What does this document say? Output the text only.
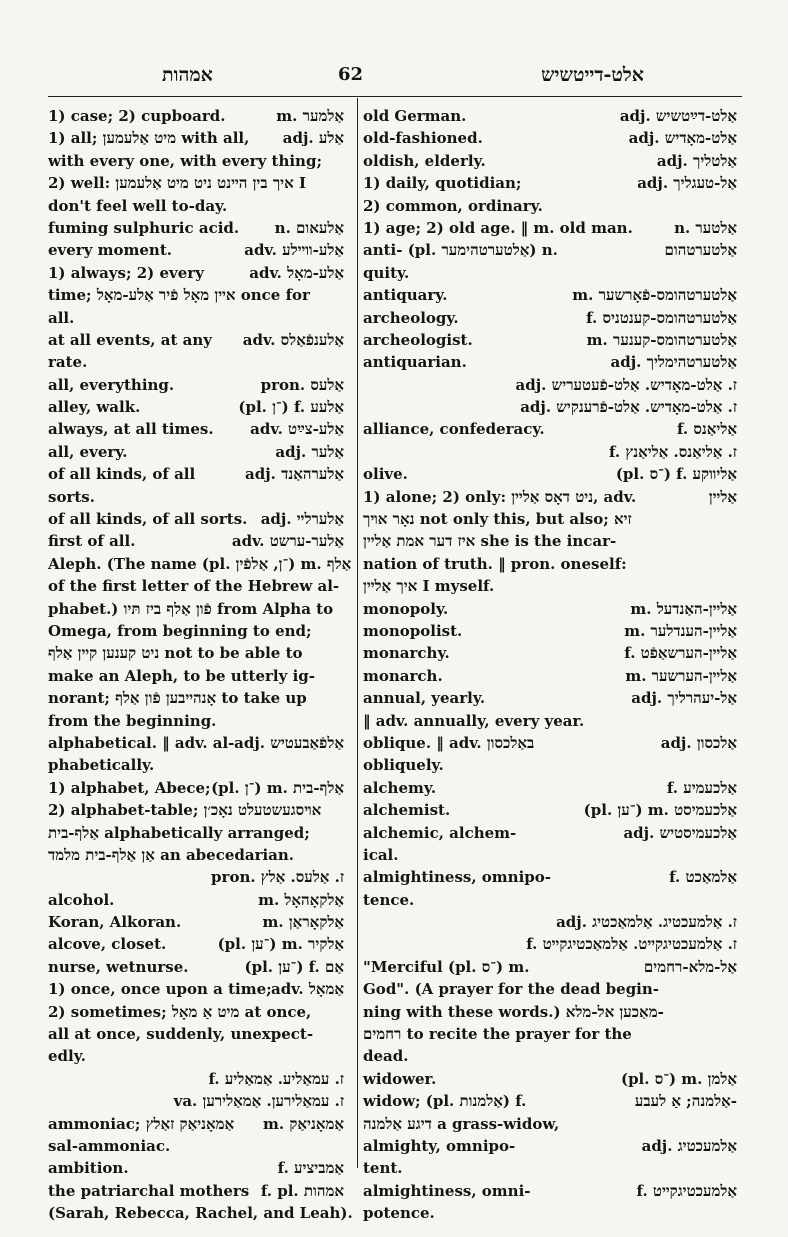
אמהות	62	אלט-דייטשיש
1) case; 2) cupboard.	m. אַלמער
1) all; מיט אַלעמען with all, adj. אַלע
with every one, with every thing;
2) well: איך בין הײנט ניט מיט אַלעמען I
don't feel well to-day.
fuming sulphuric acid. n. אַלעאום
every moment.	adv. אַלע-װײלע
1) always; 2) every	adv. אַלע-מאָל
time; אײן מאָל פֿיר אַלע-מאָל once for
all.
at all events, at any adv. אַלענפֿאַלס
rate.
all, everything.	pron. אַלעס
alley, walk.	(pl. ־ן) f. אַלעע
always, at all times. adv. אַלע-צײַט
all, every.	adj. אַלער
of all kinds, of all	adj. אַלערהאַנד
sorts.
of all kinds, of all sorts. adj. אַלערלײ
first of all.	adv. אַלער-ערשט
Aleph. (The name (pl. ־ן, אַלפֿין) m. אַלף
of the first letter of the Hebrew al-
phabet.) פֿון אַלף ביז תּיו from Alpha to
Omega, from beginning to end;
ניט קענען קײן אַלף not to be able to
make an Aleph, to be utterly ig-
norant; אָנהײבען פֿון אַלף to take up
from the beginning.
alphabetical. ‖ adv. al- adj. אַלפֿאַבעטיש
phabetically.
1) alphabet, Abece; (pl. ־ן) m. אַלף-בית
2) alphabet-table; אױסגעשטעלט נאָכ׳ן
אַלף-בית alphabetically arranged;
אַן אַלף-בית מלמד an abecedarian.
pron. ז. אַלעס. אַלץ
alcohol.	m. אַלקאָהאָל
Koran, Alkoran.	m. אַלקאָראַן
alcove, closet.	(pl. ־ען) m. אַלקיר
nurse, wetnurse.	(pl. ־ען) f. אַם
1) once, once upon a time; adv. אַמאָל
2) sometimes; מיט אַ מאָל at once,
all at once, suddenly, unexpect-
edly.
f. ז. עמאַליע. אַמאַליע
va. ז. עמאַלירען. אַמאַלירען
ammoniac; אַמאָניאַק זאַלץ m. אַמאָניאַק
sal-ammoniac.
ambition.	f. אַמביציע
the patriarchal mothers f. pl. אמהות
(Sarah, Rebecca, Rachel, and Leah).
old German.	adj. אַלט-דײַטשיש
old-fashioned.	adj. אַלט-מאָדיש
oldish, elderly.	adj. אַלטליך
1) daily, quotidian;	adj. אַל-טעגליך
2) common, ordinary.
1) age; 2) old age. ‖ m. old man.	n. אַלטער
anti- (pl. אַלטערטהימער) n.	אַלטערטהום
quity.
antiquary.	m. אַלטערטהומס-פֿאָרשער
archeology.	f. אַלטערטהומס-קענטניס
archeologist.	m. אַלטערטהומס-קענער
antiquarian.	adj. אַלטערטהימליך
adj. ז. אַלט-מאָדיש. אַלט-פֿעטעריש
adj. ז. אַלט-מאָדיש. אַלט-פֿרענקיש
alliance, confederacy.	f. אַליאַנס
f. ז. אַליאַנס. אַליאַנץ
olive.	(pl. ־ס) f. אַליװקע
1) alone; 2) only: ניט דאָס אַלײן, adv.	אַלײן
נאָר אױך not only this, but also; זיא
איז דער אמת אַלײן she is the incar-
nation of truth. ‖ pron. oneself:
איך אַלײן I myself.
monopoly.	m. אַלײן-האַנדעל
monopolist.	m. אַלײן-הענדלער
monarchy.	f. אַלײן-הערשאַפֿט
monarch.	m. אַלײן-הערשער
annual, yearly.	adj. אַל-יעהרליך
‖ adv. annually, every year.
oblique. ‖ adv. באַלכסון	adj. אַלכסון
obliquely.
alchemy.	f. אַלכעמיע
alchemist.	(pl. ־ען) m. אַלכעמיסט
alchemic, alchem-	adj. אַלכעמיסטיש
ical.
almightiness, omnipo-	f. אַלמאַכט
tence.
adj. ז. אַלמעכטיג. אַלמאַכטיג
f. ז. אַלמעכטיגקײט. אַלמאַכטיגקײט
"Merciful (pl. ־ס) m.	אַל-מלא-רחמים
God". (A prayer for the dead begin-
ning with these words.) מאַכען אל-מלא-
רחמים to recite the prayer for the
dead.
widower.	(pl. ־ס) m. אַלמן
widow; (pl. אַלמנות) f.	אַלמנה; אַ לעבע-
דיגע אַלמנה a grass-widow,
almighty, omnipo-	adj. אַלמעכטיג
tent.
almightiness, omni-	f. אַלמעכטיגקײט
potence.
